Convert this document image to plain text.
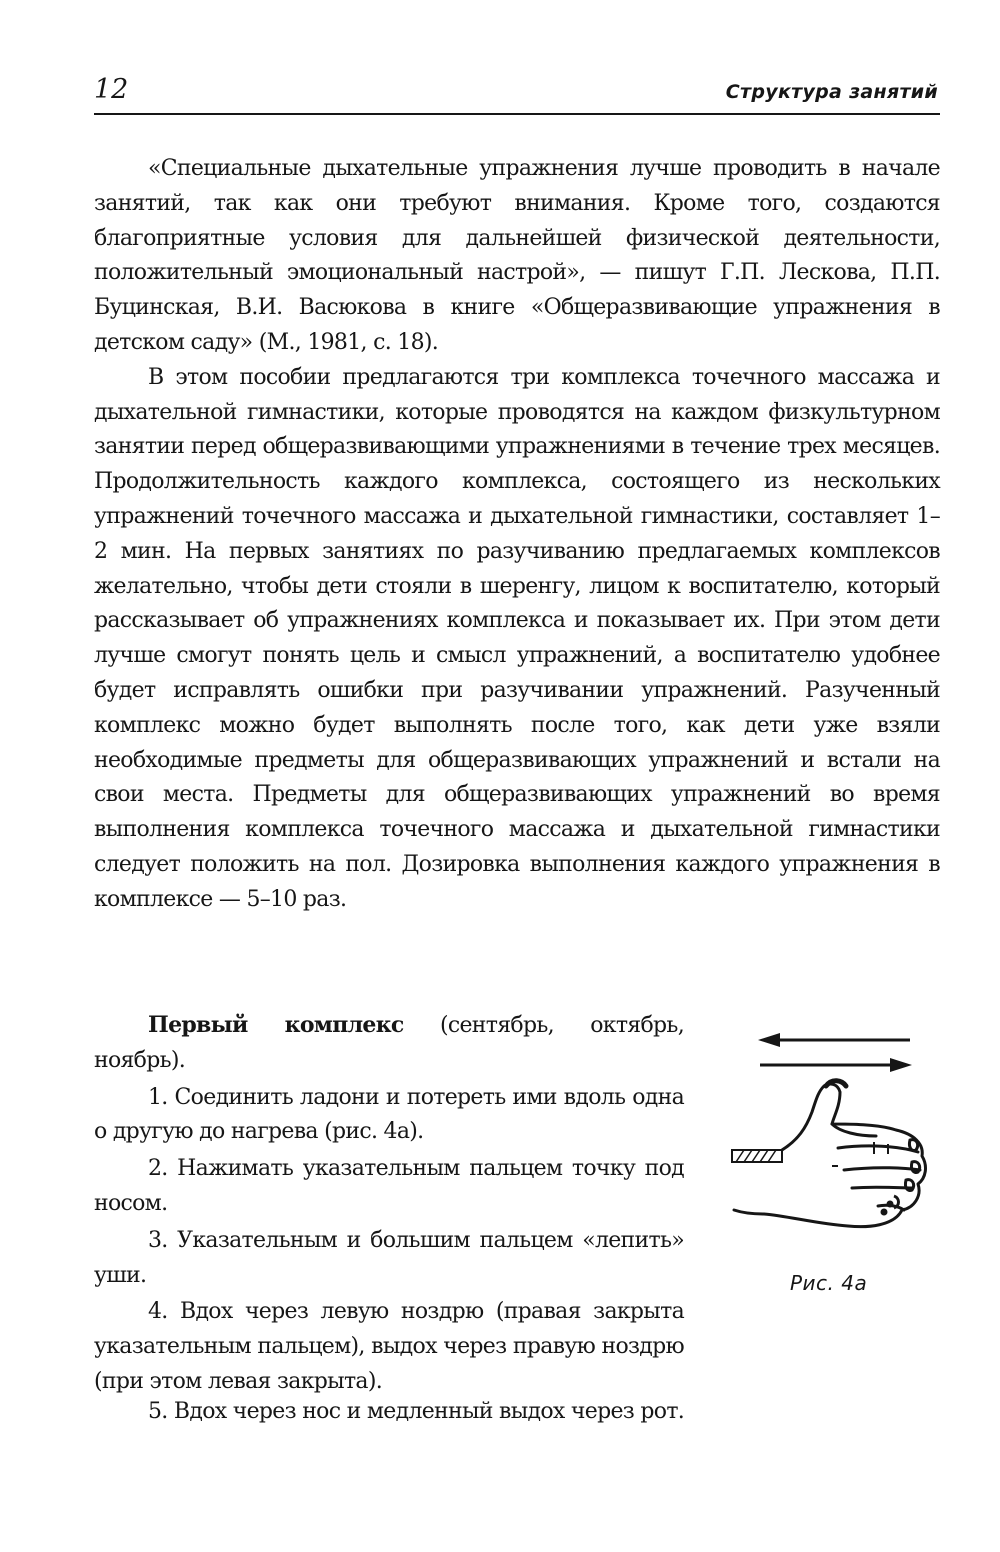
12	Структура занятий

«Специальные дыхательные упражнения лучше проводить в начале занятий, так как они требуют внимания. Кроме того, создаются благоприятные условия для дальнейшей физической деятельности, положительный эмоциональный настрой», — пишут Г.П. Лескова, П.П. Буцинская, В.И. Васюкова в книге «Общеразвивающие упражнения в детском саду» (М., 1981, с. 18).

В этом пособии предлагаются три комплекса точечного массажа и дыхательной гимнастики, которые проводятся на каждом физкультурном занятии перед общеразвивающими упражнениями в течение трех месяцев. Продолжительность каждого комплекса, состоящего из нескольких упражнений точечного массажа и дыхательной гимнастики, составляет 1–2 мин. На первых занятиях по разучиванию предлагаемых комплексов желательно, чтобы дети стояли в шеренгу, лицом к воспитателю, который рассказывает об упражнениях комплекса и показывает их. При этом дети лучше смогут понять цель и смысл упражнений, а воспитателю удобнее будет исправлять ошибки при разучивании упражнений. Разученный комплекс можно будет выполнять после того, как дети уже взяли необходимые предметы для общеразвивающих упражнений и встали на свои места. Предметы для общеразвивающих упражнений во время выполнения комплекса точечного массажа и дыхательной гимнастики следует положить на пол. Дозировка выполнения каждого упражнения в комплексе — 5–10 раз.

Первый комплекс (сентябрь, октябрь, ноябрь).

1. Соединить ладони и потереть ими вдоль одна о другую до нагрева (рис. 4а).

2. Нажимать указательным пальцем точку под носом.

3. Указательным и большим пальцем «лепить» уши.

4. Вдох через левую ноздрю (правая закрыта указательным пальцем), выдох через правую ноздрю (при этом левая закрыта).

5. Вдох через нос и медленный выдох через рот.

Рис. 4а
